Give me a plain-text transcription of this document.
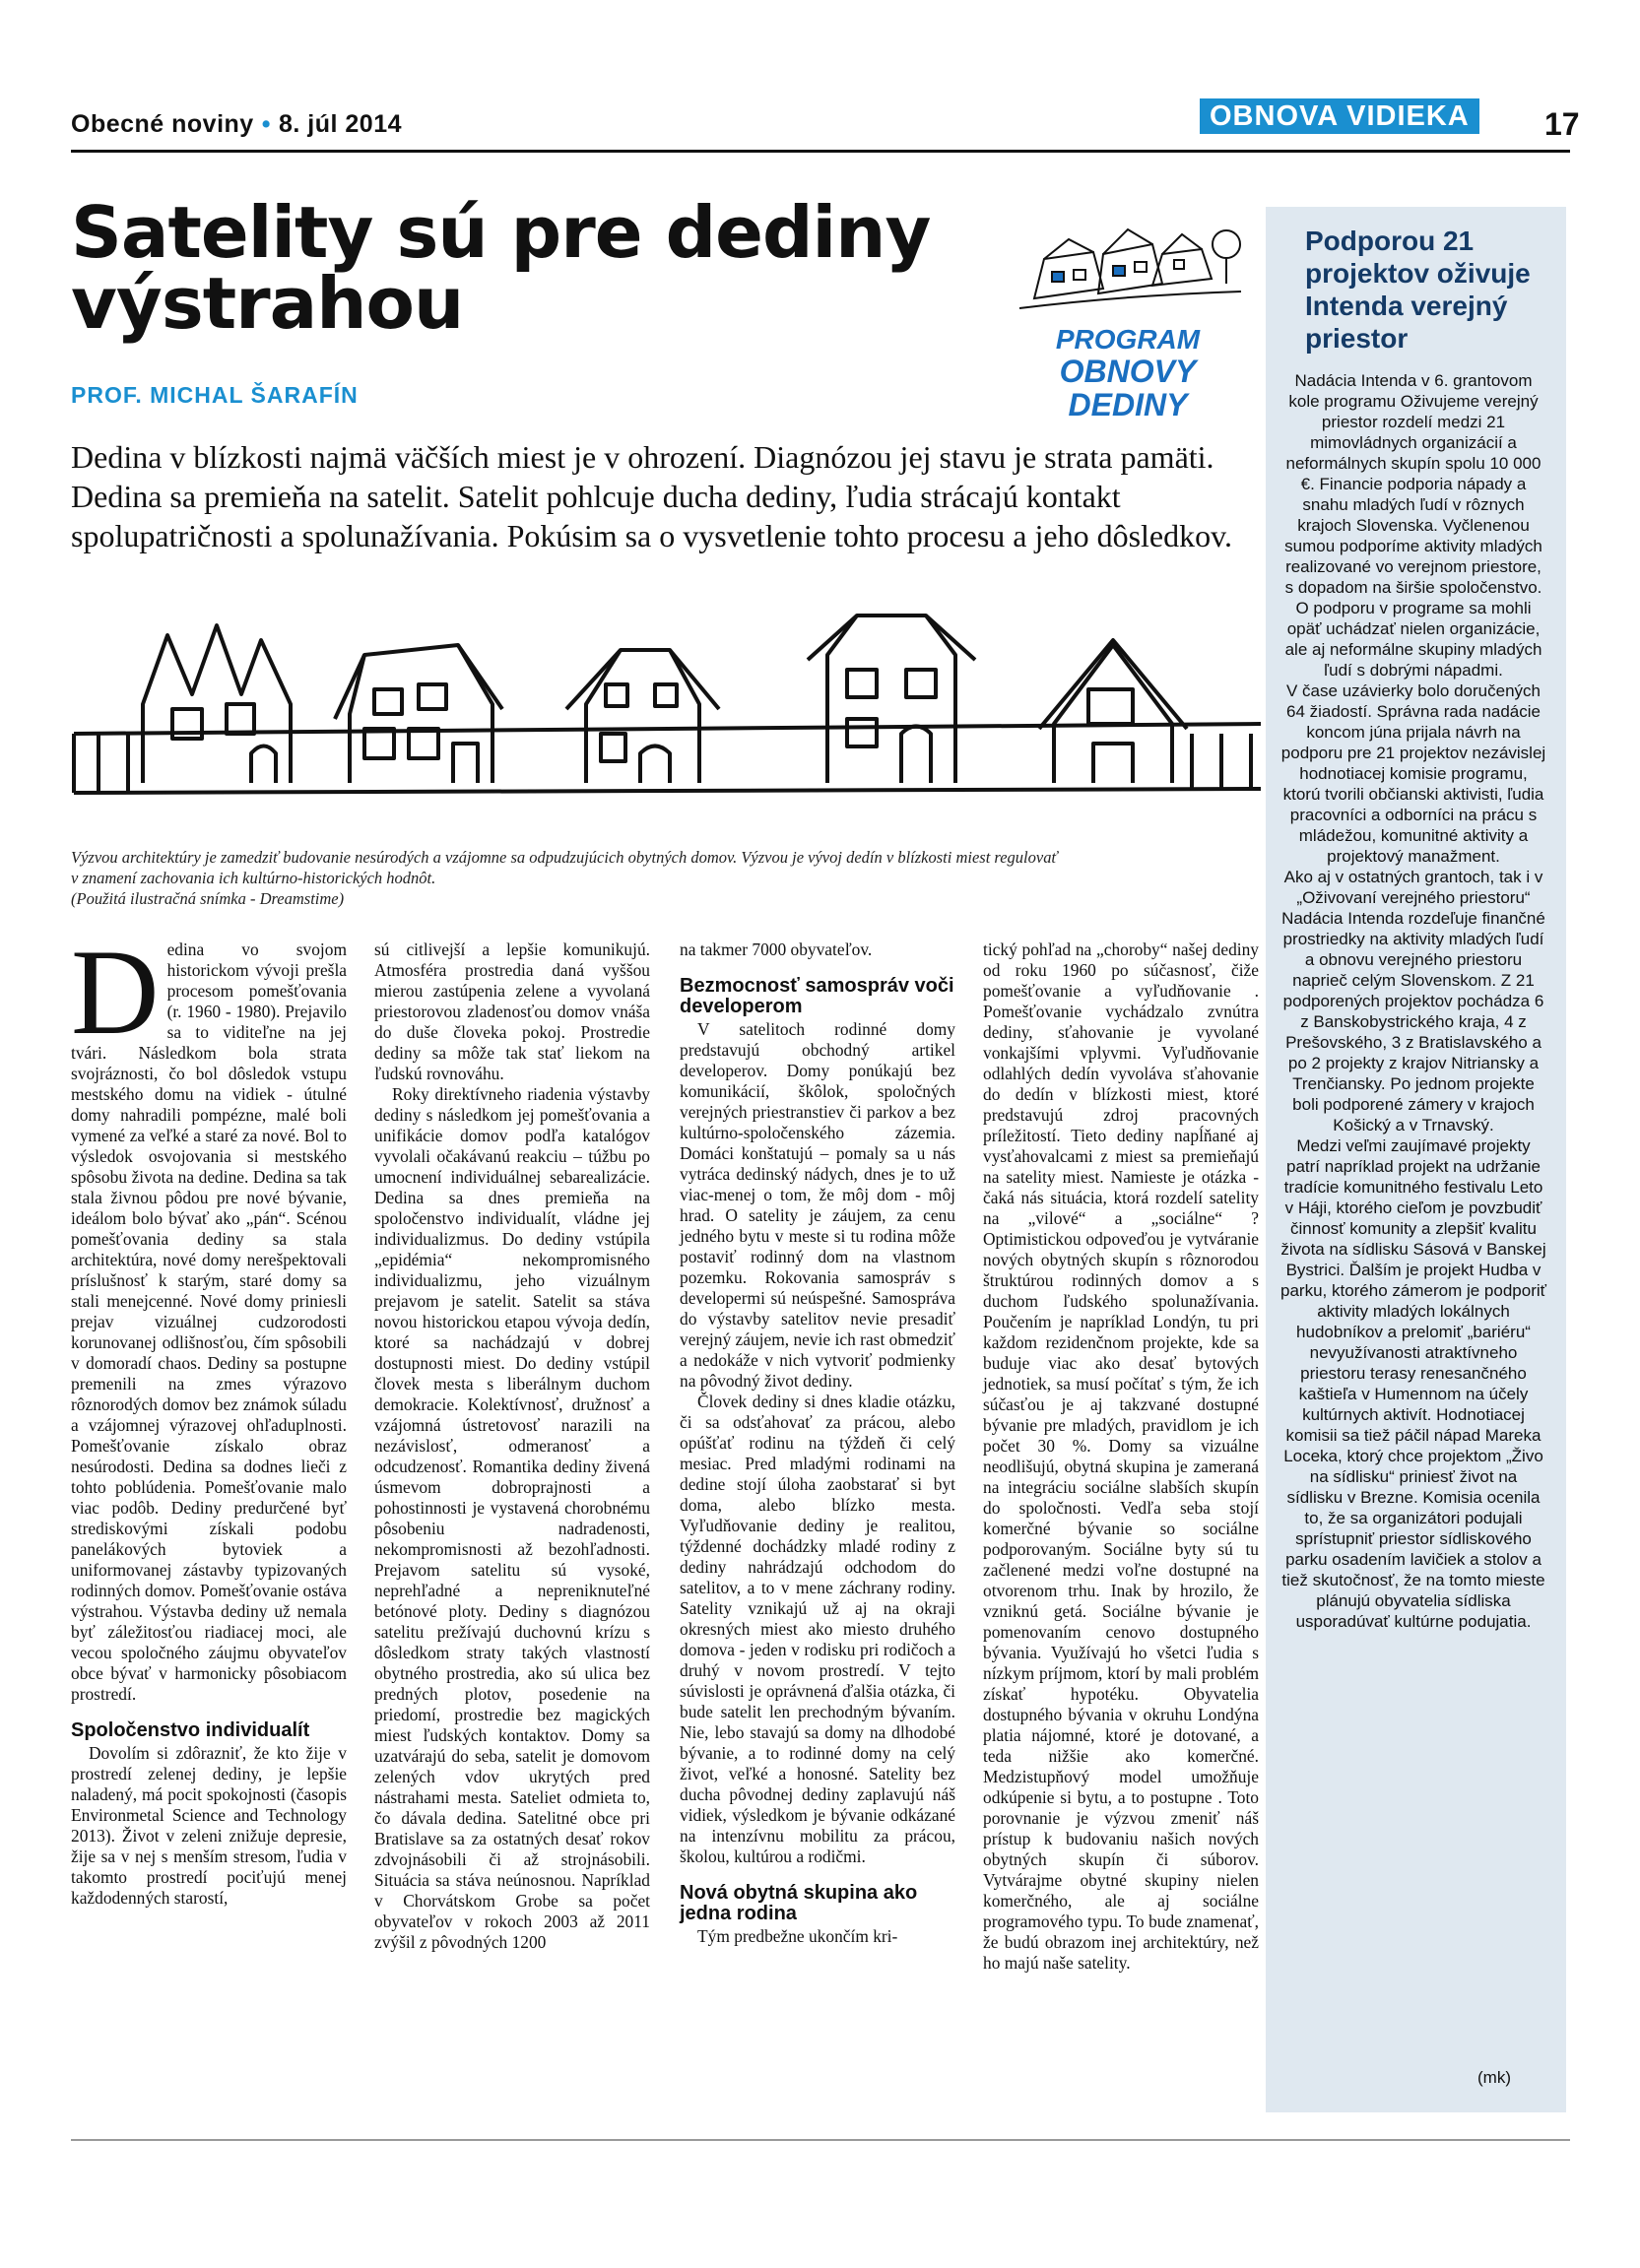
Obecné noviny • 8. júl 2014	OBNOVA VIDIEKA	17
Satelity sú pre dediny
výstrahou
PROF. MICHAL ŠARAFÍN
Dedina v blízkosti najmä väčších miest je v ohrození. Diagnózou jej stavu je strata pamäti. Dedina sa premieňa na satelit. Satelit pohlcuje ducha dediny, ľudia strácajú kontakt spolupatričnosti a spolunažívania. Pokúsim sa o vysvetlenie tohto procesu a jeho dôsledkov.
PROGRAM
OBNOVY DEDINY
Výzvou architektúry je zamedziť budovanie nesúrodých a vzájomne sa odpudzujúcich obytných domov. Výzvou je vývoj dedín v blízkosti miest regulovať
v znamení zachovania ich kultúrno-historických hodnôt.
(Použitá ilustračná snímka - Dreamstime)

Dedina vo svojom historickom vývoji prešla procesom pomešťovania (r. 1960 - 1980). Prejavilo sa to viditeľne na jej tvári. Následkom bola strata svojráznosti, čo bol dôsledok vstupu mestského domu na vidiek - útulné domy nahradili pompézne, malé boli vymené za veľké a staré za nové. Bol to výsledok osvojovania si mestského spôsobu života na dedine. Dedina sa tak stala živnou pôdou pre nové bývanie, ideálom bolo bývať ako „pán“. Scénou pomešťovania dediny sa stala architektúra, nové domy nerešpektovali príslušnosť k starým, staré domy sa stali menejcenné. Nové domy priniesli prejav vizuálnej cudzorodosti korunovanej odlišnosťou, čím spôsobili v domoradí chaos. Dediny sa postupne premenili na zmes výrazovo rôznorodých domov bez známok súladu a vzájomnej výrazovej ohľaduplnosti. Pomešťovanie získalo obraz nesúrodosti. Dedina sa dodnes lieči z tohto poblúdenia. Pomešťovanie malo viac podôb. Dediny predurčené byť strediskovými získali podobu panelákových bytoviek a uniformovanej zástavby typizovaných rodinných domov. Pomešťovanie ostáva výstrahou. Výstavba dediny už nemala byť záležitosťou riadiacej moci, ale vecou spoločného záujmu obyvateľov obce bývať v harmonicky pôsobiacom prostredí.

Spoločenstvo individualít

Dovolím si zdôrazniť, že kto žije v prostredí zelenej dediny, je lepšie naladený, má pocit spokojnosti (časopis Environmetal Science and Technology 2013). Život v zeleni znižuje depresie, žije sa v nej s menším stresom, ľudia v takomto prostredí pociťujú menej každodenných starostí,

sú citlivejší a lepšie komunikujú. Atmosféra prostredia daná vyššou mierou zastúpenia zelene a vyvolaná priestorovou zladenosťou domov vnáša do duše človeka pokoj. Prostredie dediny sa môže tak stať liekom na ľudskú rovnováhu.

Roky direktívneho riadenia výstavby dediny s následkom jej pomešťovania a unifikácie domov podľa katalógov vyvolali očakávanú reakciu – túžbu po umocnení individuálnej sebarealizácie. Dedina sa dnes premieňa na spoločenstvo individualít, vládne jej individualizmus. Do dediny vstúpila „epidémia“ nekompromisného individualizmu, jeho vizuálnym prejavom je satelit. Satelit sa stáva novou historickou etapou vývoja dedín, ktoré sa nachádzajú v dobrej dostupnosti miest. Do dediny vstúpil človek mesta s liberálnym duchom demokracie. Kolektívnosť, družnosť a vzájomná ústretovosť narazili na nezávislosť, odmeranosť a odcudzenosť. Romantika dediny živená úsmevom dobroprajnosti a pohostinnosti je vystavená chorobnému pôsobeniu nadradenosti, nekompromisnosti až bezohľadnosti. Prejavom satelitu sú vysoké, neprehľadné a nepreniknuteľné betónové ploty. Dediny s diagnózou satelitu prežívajú duchovnú krízu s dôsledkom straty takých vlastností obytného prostredia, ako sú ulica bez predných plotov, posedenie na priedomí, prostredie bez magických miest ľudských kontaktov. Domy sa uzatvárajú do seba, satelit je domovom zelených vdov ukrytých pred nástrahami mesta. Sateliet odmieta to, čo dávala dedina. Satelitné obce pri Bratislave sa za ostatných desať rokov zdvojnásobili či až strojnásobili. Situácia sa stáva neúnosnou. Napríklad v Chorvátskom Grobe sa počet obyvateľov v rokoch 2003 až 2011 zvýšil z pôvodných 1200

na takmer 7000 obyvateľov.

Bezmocnosť samospráv voči developerom

V satelitoch rodinné domy predstavujú obchodný artikel developerov. Domy ponúkajú bez komunikácií, škôlok, spoločných verejných priestranstiev či parkov a bez kultúrno-spoločenského zázemia. Domáci konštatujú – pomaly sa u nás vytráca dedinský nádych, dnes je to už viac-menej o tom, že môj dom - môj hrad. O satelity je záujem, za cenu jedného bytu v meste si tu rodina môže postaviť rodinný dom na vlastnom pozemku. Rokovania samospráv s developermi sú neúspešné. Samospráva do výstavby satelitov nevie presadiť verejný záujem, nevie ich rast obmedziť a nedokáže v nich vytvoriť podmienky na pôvodný život dediny.

Človek dediny si dnes kladie otázku, či sa odsťahovať za prácou, alebo opúšťať rodinu na týždeň či celý mesiac. Pred mladými rodinami na dedine stojí úloha zaobstarať si byt doma, alebo blízko mesta. Vyľudňovanie dediny je realitou, týždenné dochádzky mladé rodiny z dediny nahrádzajú odchodom do satelitov, a to v mene záchrany rodiny. Satelity vznikajú už aj na okraji okresných miest ako miesto druhého domova - jeden v rodisku pri rodičoch a druhý v novom prostredí. V tejto súvislosti je oprávnená ďalšia otázka, či bude satelit len prechodným bývaním. Nie, lebo stavajú sa domy na dlhodobé bývanie, a to rodinné domy na celý život, veľké a honosné. Satelity bez ducha pôvodnej dediny zaplavujú náš vidiek, výsledkom je bývanie odkázané na intenzívnu mobilitu za prácou, školou, kultúrou a rodičmi.

Nová obytná skupina ako jedna rodina

Tým predbežne ukončím kri-

tický pohľad na „choroby“ našej dediny od roku 1960 po súčasnosť, čiže pomešťovanie a vyľudňovanie . Pomešťovanie vychádzalo zvnútra dediny, sťahovanie je vyvolané vonkajšími vplyvmi. Vyľudňovanie odlahlých dedín vyvoláva sťahovanie do dedín v blízkosti miest, ktoré predstavujú zdroj pracovných príležitostí. Tieto dediny napĺňané aj vysťahovalcami z miest sa premieňajú na satelity miest. Namieste je otázka - čaká nás situácia, ktorá rozdelí satelity na „vilové“ a „sociálne“ ? Optimistickou odpoveďou je vytváranie nových obytných skupín s rôznorodou štruktúrou rodinných domov a s duchom ľudského spolunažívania. Poučením je napríklad Londýn, tu pri každom rezidenčnom projekte, kde sa buduje viac ako desať bytových jednotiek, sa musí počítať s tým, že ich súčasťou je aj takzvané dostupné bývanie pre mladých, pravidlom je ich počet 30 %. Domy sa vizuálne neodlišujú, obytná skupina je zameraná na integráciu sociálne slabších skupín do spoločnosti. Vedľa seba stojí komerčné bývanie so sociálne podporovaným. Sociálne byty sú tu začlenené medzi voľne dostupné na otvorenom trhu. Inak by hrozilo, že vzniknú getá. Sociálne bývanie je pomenovaním cenovo dostupného bývania. Využívajú ho všetci ľudia s nízkym príjmom, ktorí by mali problém získať hypotéku. Obyvatelia dostupného bývania v okruhu Londýna platia nájomné, ktoré je dotované, a teda nižšie ako komerčné. Medzistupňový model umožňuje odkúpenie si bytu, a to postupne . Toto porovnanie je výzvou zmeniť náš prístup k budovaniu našich nových obytných skupín či súborov. Vytvárajme obytné skupiny nielen komerčného, ale aj sociálne programového typu. To bude znamenať, že budú obrazom inej architektúry, než ho majú naše satelity.

Podporou 21 projektov oživuje Intenda verejný priestor

Nadácia Intenda v 6. grantovom kole programu Oživujeme verejný priestor rozdelí medzi 21 mimovládnych organizácií a neformálnych skupín spolu 10 000 €. Financie podporia nápady a snahu mladých ľudí v rôznych krajoch Slovenska. Vyčlenenou sumou podporíme aktivity mladých realizované vo verejnom priestore, s dopadom na širšie spoločenstvo. O podporu v programe sa mohli opäť uchádzať nielen organizácie, ale aj neformálne skupiny mladých ľudí s dobrými nápadmi.

V čase uzávierky bolo doručených 64 žiadostí. Správna rada nadácie koncom júna prijala návrh na podporu pre 21 projektov nezávislej hodnotiacej komisie programu, ktorú tvorili občianski aktivisti, ľudia pracovníci a odborníci na prácu s mládežou, komunitné aktivity a projektový manažment.

Ako aj v ostatných grantoch, tak i v „Oživovaní verejného priestoru“ Nadácia Intenda rozdeľuje finančné prostriedky na aktivity mladých ľudí a obnovu verejného priestoru naprieč celým Slovenskom. Z 21 podporených projektov pochádza 6 z Banskobystrického kraja, 4 z Prešovského, 3 z Bratislavského a po 2 projekty z krajov Nitriansky a Trenčiansky. Po jednom projekte boli podporené zámery v krajoch Košický a v Trnavský.

Medzi veľmi zaujímavé projekty patrí napríklad projekt na udržanie tradície komunitného festivalu Leto v Háji, ktorého cieľom je povzbudiť činnosť komunity a zlepšiť kvalitu života na sídlisku Sásová v Banskej Bystrici. Ďalším je projekt Hudba v parku, ktorého zámerom je podporiť aktivity mladých lokálnych hudobníkov a prelomiť „bariéru“ nevyužívanosti atraktívneho priestoru terasy renesančného kaštieľa v Humennom na účely kultúrnych aktivít. Hodnotiacej komisii sa tiež páčil nápad Mareka Loceka, ktorý chce projektom „Živo na sídlisku“ priniesť život na sídlisku v Brezne. Komisia ocenila to, že sa organizátori podujali sprístupniť priestor sídliskového parku osadením lavičiek a stolov a tiež skutočnosť, že na tomto mieste plánujú obyvatelia sídliska usporadúvať kultúrne podujatia.

(mk)
